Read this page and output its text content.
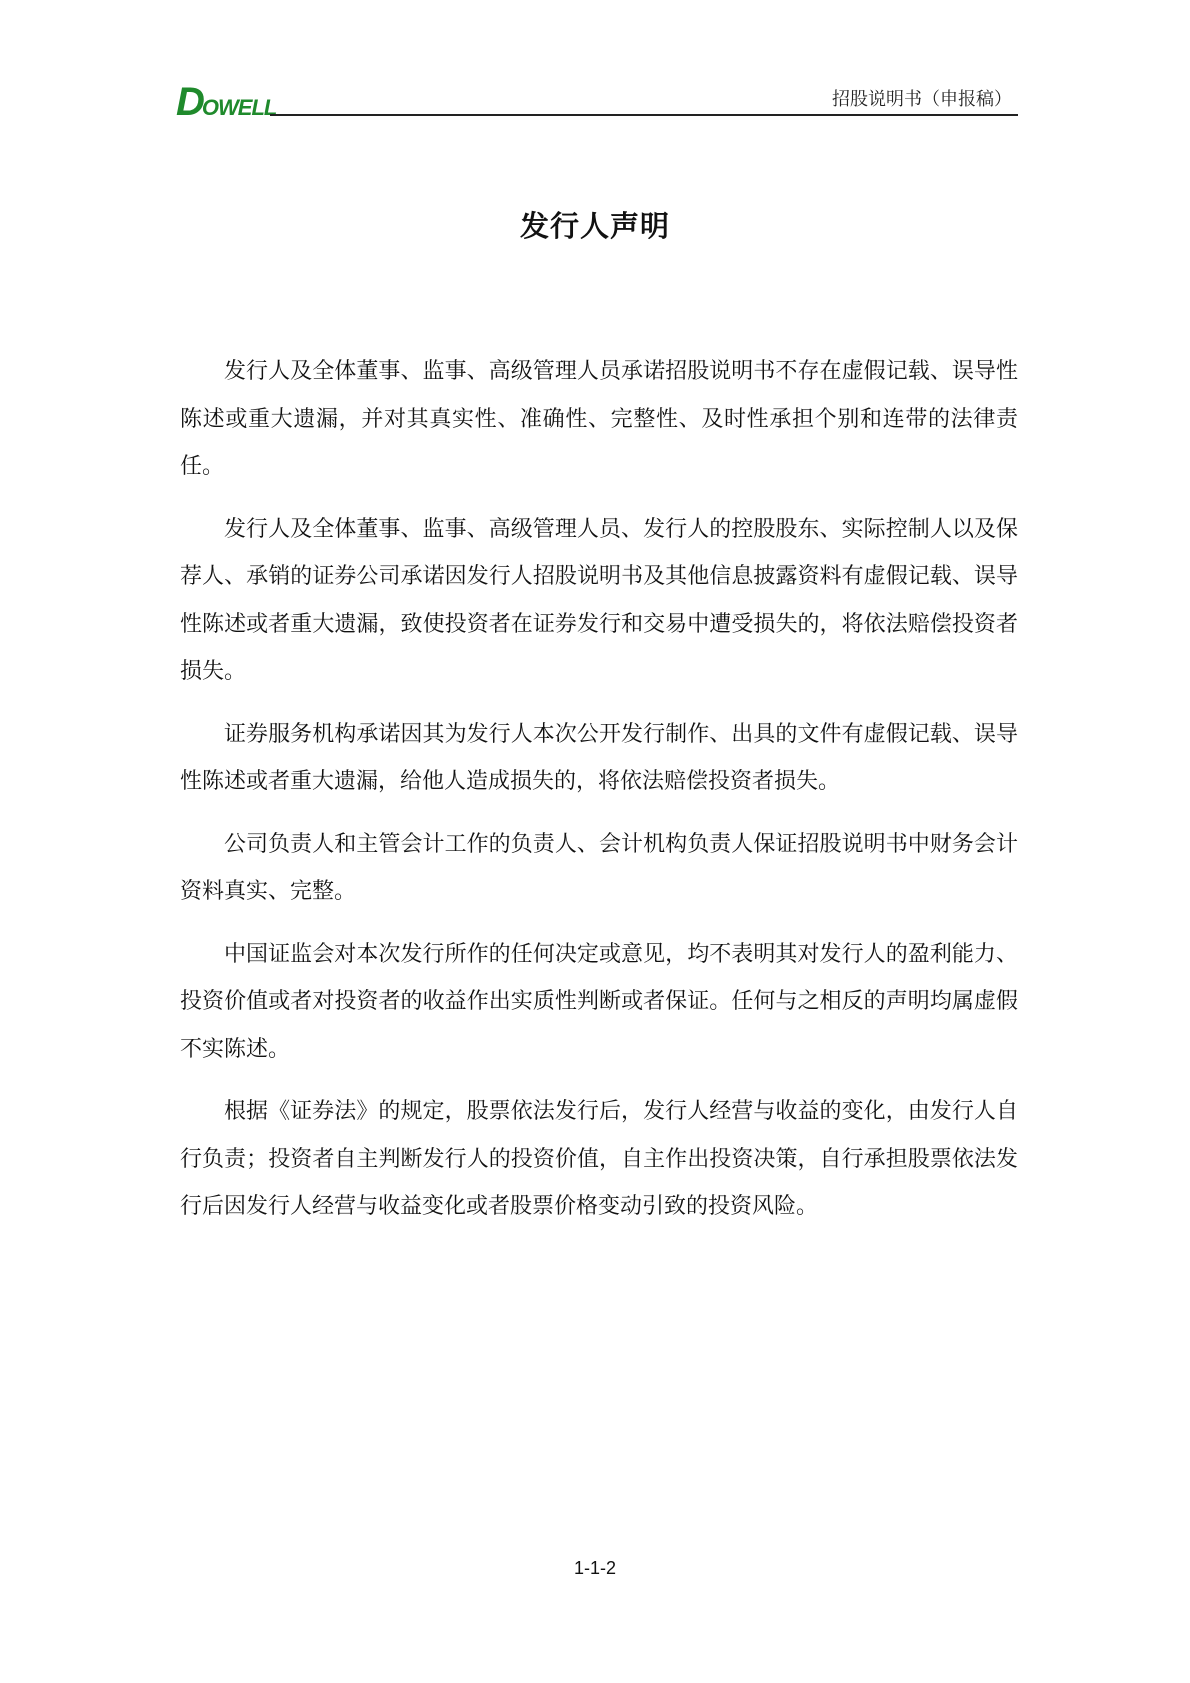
D
OWELL	招股说明书（申报稿）
发行人声明

发行人及全体董事、监事、高级管理人员承诺招股说明书不存在虚假记载、误导性陈述或重大遗漏，并对其真实性、准确性、完整性、及时性承担个别和连带的法律责任。

发行人及全体董事、监事、高级管理人员、发行人的控股股东、实际控制人以及保荐人、承销的证券公司承诺因发行人招股说明书及其他信息披露资料有虚假记载、误导性陈述或者重大遗漏，致使投资者在证券发行和交易中遭受损失的，将依法赔偿投资者损失。

证券服务机构承诺因其为发行人本次公开发行制作、出具的文件有虚假记载、误导性陈述或者重大遗漏，给他人造成损失的，将依法赔偿投资者损失。

公司负责人和主管会计工作的负责人、会计机构负责人保证招股说明书中财务会计资料真实、完整。

中国证监会对本次发行所作的任何决定或意见，均不表明其对发行人的盈利能力、投资价值或者对投资者的收益作出实质性判断或者保证。任何与之相反的声明均属虚假不实陈述。

根据《证券法》的规定，股票依法发行后，发行人经营与收益的变化，由发行人自行负责；投资者自主判断发行人的投资价值，自主作出投资决策，自行承担股票依法发行后因发行人经营与收益变化或者股票价格变动引致的投资风险。

1-1-2
